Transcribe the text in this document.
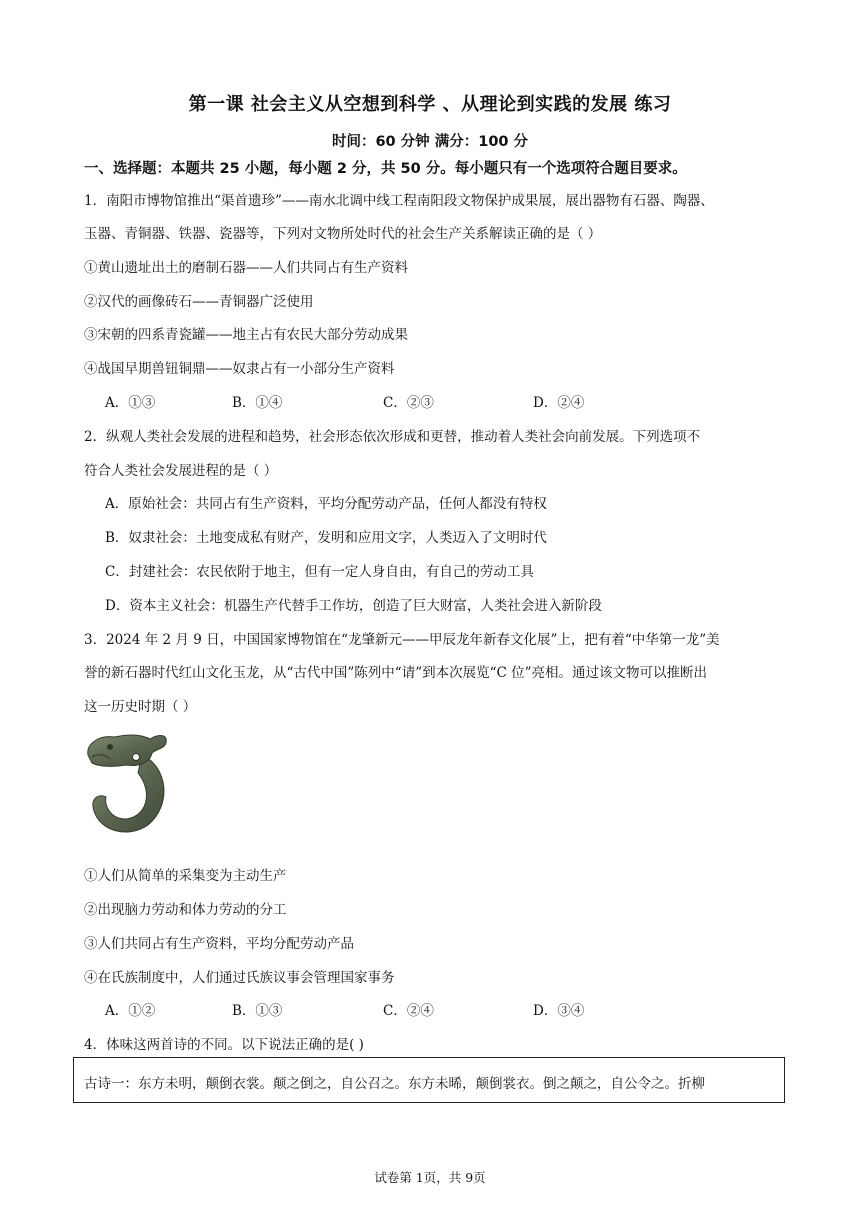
第一课 社会主义从空想到科学 、从理论到实践的发展 练习
时间：60 分钟 满分：100 分
一、选择题：本题共 25 小题，每小题 2 分，共 50 分。每小题只有一个选项符合题目要求。
1．南阳市博物馆推出“渠首遗珍”——南水北调中线工程南阳段文物保护成果展，展出器物有石器、陶器、
玉器、青铜器、铁器、瓷器等，下列对文物所处时代的社会生产关系解读正确的是（ ）
①黄山遗址出土的磨制石器——人们共同占有生产资料
②汉代的画像砖石——青铜器广泛使用
③宋朝的四系青瓷罐——地主占有农民大部分劳动成果
④战国早期兽钮铜鼎——奴隶占有一小部分生产资料
A．①③	B．①④	C．②③	D．②④
2．纵观人类社会发展的进程和趋势，社会形态依次形成和更替，推动着人类社会向前发展。下列选项不
符合人类社会发展进程的是（ ）
A．原始社会：共同占有生产资料，平均分配劳动产品，任何人都没有特权
B．奴隶社会：土地变成私有财产，发明和应用文字，人类迈入了文明时代
C．封建社会：农民依附于地主，但有一定人身自由，有自己的劳动工具
D．资本主义社会：机器生产代替手工作坊，创造了巨大财富，人类社会进入新阶段
3．2024 年 2 月 9 日，中国国家博物馆在“龙肇新元——甲辰龙年新春文化展”上，把有着“中华第一龙”美
誉的新石器时代红山文化玉龙，从“古代中国”陈列中“请”到本次展览“C 位”亮相。通过该文物可以推断出
这一历史时期（ ）
①人们从简单的采集变为主动生产
②出现脑力劳动和体力劳动的分工
③人们共同占有生产资料，平均分配劳动产品
④在氏族制度中，人们通过氏族议事会管理国家事务
A．①②	B．①③	C．②④	D．③④
4．体味这两首诗的不同。以下说法正确的是( )
古诗一：东方未明，颠倒衣裳。颠之倒之，自公召之。东方未晞，颠倒裳衣。倒之颠之，自公令之。折柳
试卷第 1页，共 9页
